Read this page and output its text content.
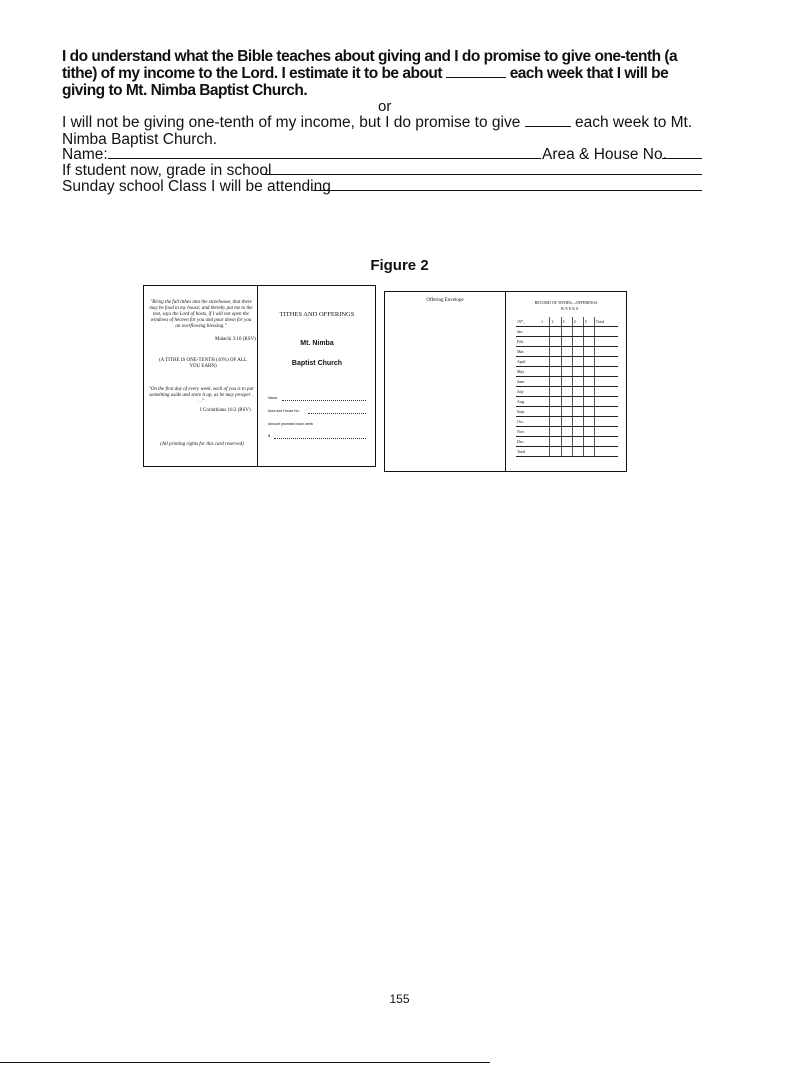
I do understand what the Bible teaches about giving and I do promise to give one-tenth (a tithe) of my income to the Lord. I estimate it to be about	each week that I will be giving to Mt. Nimba Baptist Church.
or
I will not be giving one-tenth of my income, but I do promise to give	each week to Mt. Nimba Baptist Church.
Name:	Area & House No.
If student now, grade in school
Sunday school Class I will be attending
Figure 2
"Bring the full tithes into the storehouse, that there may be food in my house; and thereby put me to the test, says the Lord of hosts, if I will not open the windows of heaven for you and pour down for you an overflowing blessing."
Malachi 3:10 (RSV)
(A TITHE IS ONE-TENTH (10%) OF ALL YOU EARN)
"On the first day of every week, each of you is to put something aside and store it up, as he may prosper . . ."
I Corinthians 16:2 (RSV)
(All printing rights for this card reserved)
TITHES AND OFFERINGS
Mt. Nimba
Baptist Church
Name
Area and House No.
Amount promised each week
$
Offering Envelope	RECORD OF TITHES—OFFERINGS
WEEKS
197_	1	2	3	4	5	Total
Jan.						
Feb.						
Mar.						
April						
May						
June						
July						
Aug.						
Sept.						
Oct.						
Nov.						
Dec.						
Total						
155
